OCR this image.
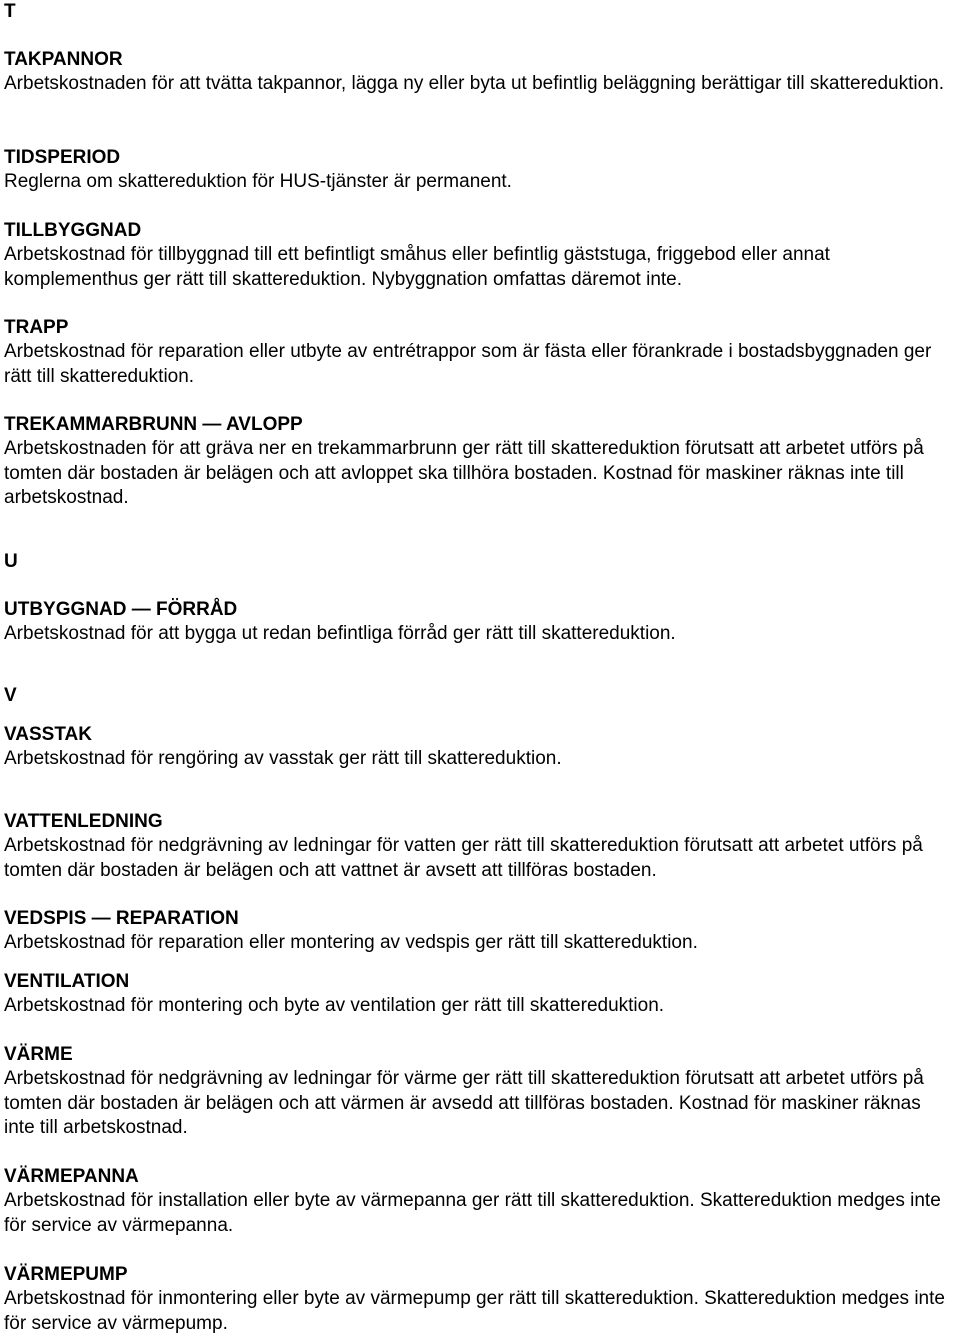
T
TAKPANNOR
Arbetskostnaden för att tvätta takpannor, lägga ny eller byta ut befintlig beläggning berättigar till skattereduktion.
TIDSPERIOD
Reglerna om skattereduktion för HUS-tjänster är permanent.
TILLBYGGNAD
Arbetskostnad för tillbyggnad till ett befintligt småhus eller befintlig gäststuga, friggebod eller annat komplementhus ger rätt till skattereduktion. Nybyggnation omfattas däremot inte.
TRAPP
Arbetskostnad för reparation eller utbyte av entrétrappor som är fästa eller förankrade i bostadsbyggnaden ger rätt till skattereduktion.
TREKAMMARBRUNN — AVLOPP
Arbetskostnaden för att gräva ner en trekammarbrunn ger rätt till skattereduktion förutsatt att arbetet utförs på tomten där bostaden är belägen och att avloppet ska tillhöra bostaden. Kostnad för maskiner räknas inte till arbetskostnad.
U
UTBYGGNAD — FÖRRÅD
Arbetskostnad för att bygga ut redan befintliga förråd ger rätt till skattereduktion.
V
VASSTAK
Arbetskostnad för rengöring av vasstak ger rätt till skattereduktion.
VATTENLEDNING
Arbetskostnad för nedgrävning av ledningar för vatten ger rätt till skattereduktion förutsatt att arbetet utförs på tomten där bostaden är belägen och att vattnet är avsett att tillföras bostaden.
VEDSPIS — REPARATION
Arbetskostnad för reparation eller montering av vedspis ger rätt till skattereduktion.
VENTILATION
Arbetskostnad för montering och byte av ventilation ger rätt till skattereduktion.
VÄRME
Arbetskostnad för nedgrävning av ledningar för värme ger rätt till skattereduktion förutsatt att arbetet utförs på tomten där bostaden är belägen och att värmen är avsedd att tillföras bostaden. Kostnad för maskiner räknas inte till arbetskostnad.
VÄRMEPANNA
Arbetskostnad för installation eller byte av värmepanna ger rätt till skattereduktion. Skattereduktion medges inte för service av värmepanna.
VÄRMEPUMP
Arbetskostnad för inmontering eller byte av värmepump ger rätt till skattereduktion. Skattereduktion medges inte för service av värmepump.
